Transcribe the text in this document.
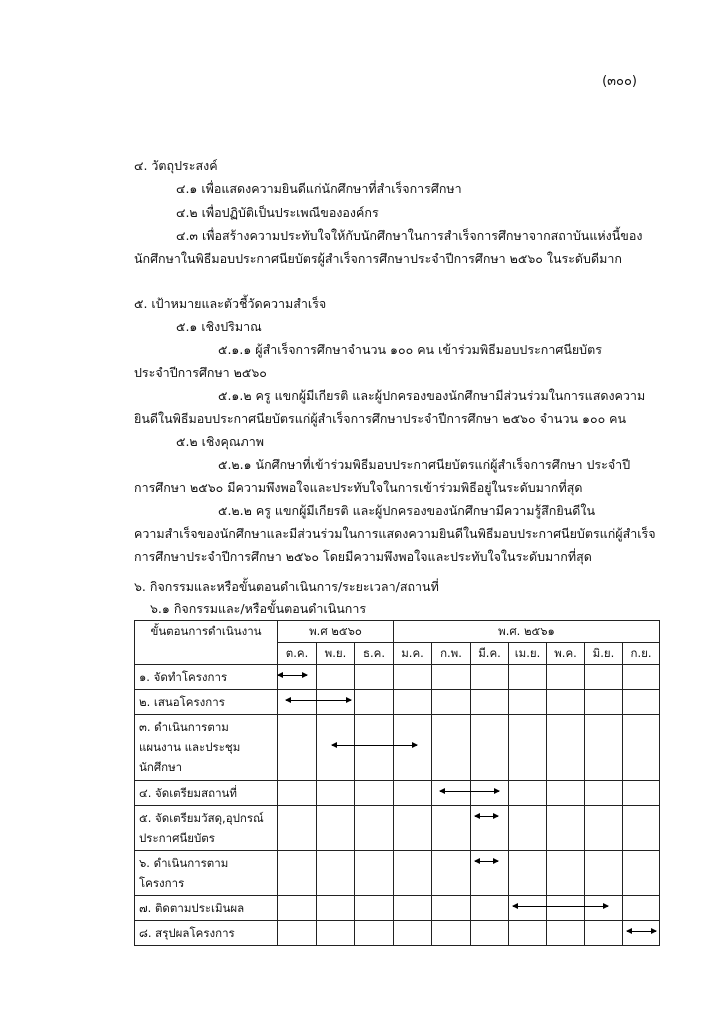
(๓๐๐)
๔. วัตถุประสงค์
๔.๑ เพื่อแสดงความยินดีแก่นักศึกษาที่สำเร็จการศึกษา
๔.๒ เพื่อปฏิบัติเป็นประเพณีขององค์กร
๔.๓ เพื่อสร้างความประทับใจให้กับนักศึกษาในการสำเร็จการศึกษาจากสถาบันแห่งนี้ของ
นักศึกษาในพิธีมอบประกาศนียบัตรผู้สำเร็จการศึกษาประจำปีการศึกษา ๒๕๖๐ ในระดับดีมาก
๕. เป้าหมายและตัวชี้วัดความสำเร็จ
๕.๑ เชิงปริมาณ
๕.๑.๑ ผู้สำเร็จการศึกษาจำนวน ๑๐๐ คน เข้าร่วมพิธีมอบประกาศนียบัตร
ประจำปีการศึกษา ๒๕๖๐
๕.๑.๒ ครู แขกผู้มีเกียรติ และผู้ปกครองของนักศึกษามีส่วนร่วมในการแสดงความ
ยินดีในพิธีมอบประกาศนียบัตรแก่ผู้สำเร็จการศึกษาประจำปีการศึกษา ๒๕๖๐ จำนวน ๑๐๐ คน
๕.๒ เชิงคุณภาพ
๕.๒.๑ นักศึกษาที่เข้าร่วมพิธีมอบประกาศนียบัตรแก่ผู้สำเร็จการศึกษา ประจำปี
การศึกษา ๒๕๖๐ มีความพึงพอใจและประทับใจในการเข้าร่วมพิธีอยู่ในระดับมากที่สุด
๕.๒.๒ ครู แขกผู้มีเกียรติ และผู้ปกครองของนักศึกษามีความรู้สึกยินดีใน
ความสำเร็จของนักศึกษาและมีส่วนร่วมในการแสดงความยินดีในพิธีมอบประกาศนียบัตรแก่ผู้สำเร็จ
การศึกษาประจำปีการศึกษา ๒๕๖๐ โดยมีความพึงพอใจและประทับใจในระดับมากที่สุด
๖. กิจกรรมและหรือขั้นตอนดำเนินการ/ระยะเวลา/สถานที่
๖.๑ กิจกรรมและ/หรือขั้นตอนดำเนินการ
ขั้นตอนการดำเนินงาน	พ.ศ ๒๕๖๐			พ.ศ. ๒๕๖๑						
	ต.ค.	พ.ย.	ธ.ค.	ม.ค.	ก.พ.	มี.ค.	เม.ย.	พ.ค.	มิ.ย.	ก.ย.

๑. จัดทำโครงการ										

๒. เสนอโครงการ										

๓. ดำเนินการตาม
แผนงาน และประชุม
นักศึกษา										

๔. จัดเตรียมสถานที่										

๕. จัดเตรียมวัสดุ,อุปกรณ์
ประกาศนียบัตร										

๖. ดำเนินการตาม
โครงการ										

๗. ติดตามประเมินผล										

๘. สรุปผลโครงการ										
